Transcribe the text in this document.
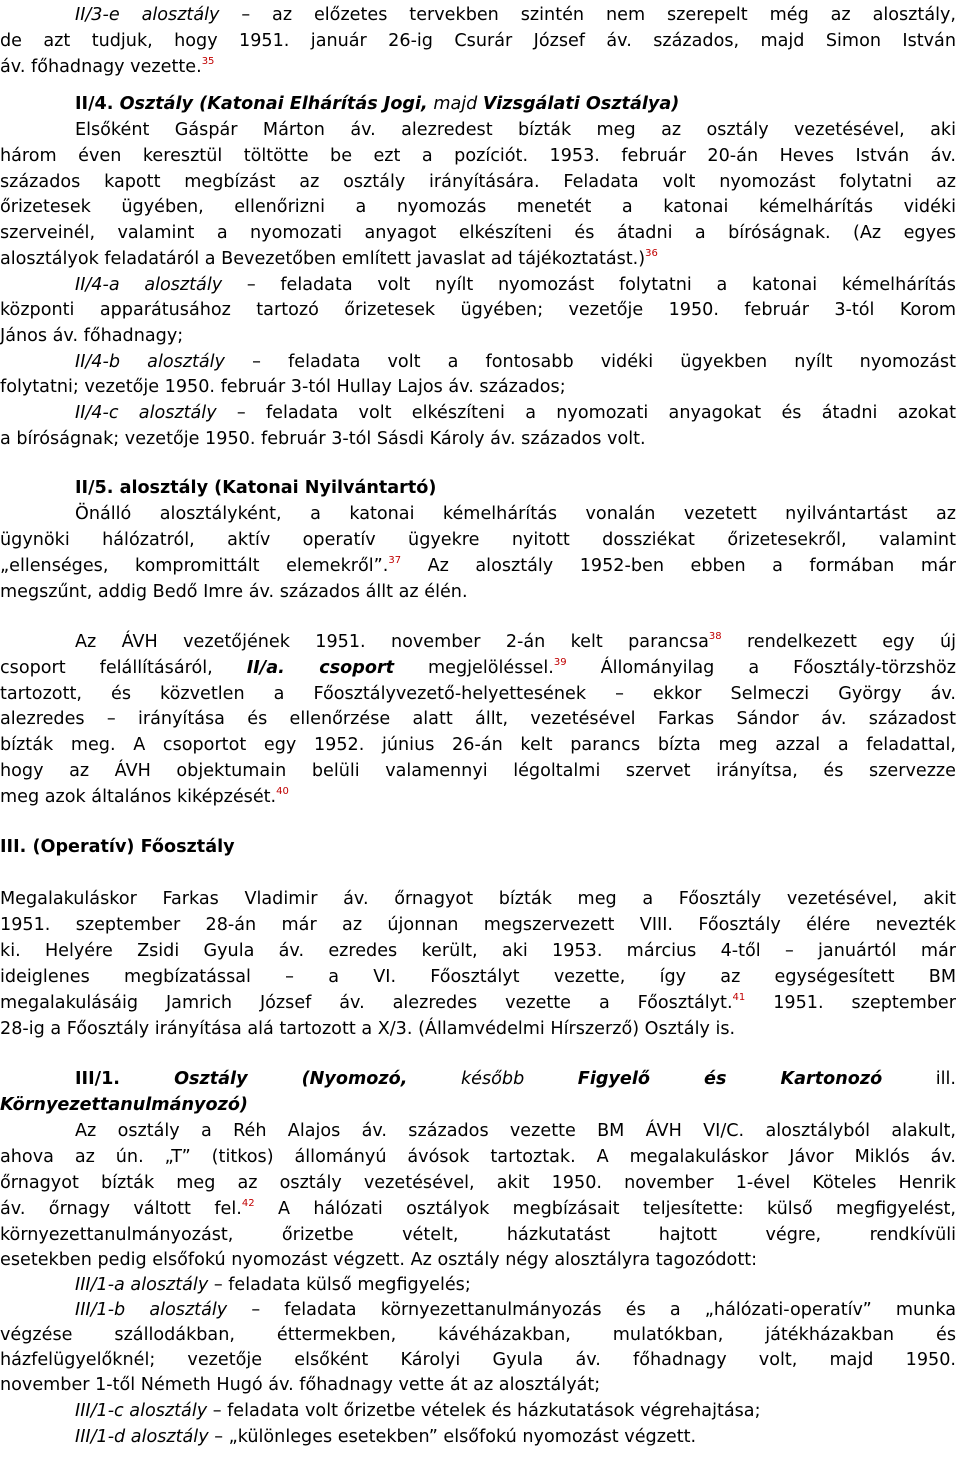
II/3-e alosztály – az előzetes tervekben szintén nem szerepelt még az alosztály,
de azt tudjuk, hogy 1951. január 26-ig Csurár József áv. százados, majd Simon István
áv. főhadnagy vezette.$^{35}$
II/4. Osztály (Katonai Elhárítás Jogi, majd Vizsgálati Osztálya)
Elsőként Gáspár Márton áv. alezredest bízták meg az osztály vezetésével, aki
három éven keresztül töltötte be ezt a pozíciót. 1953. február 20-án Heves István áv.
százados kapott megbízást az osztály irányítására. Feladata volt nyomozást folytatni az
őrizetesek ügyében, ellenőrizni a nyomozás menetét a katonai kémelhárítás vidéki
szerveinél, valamint a nyomozati anyagot elkészíteni és átadni a bíróságnak. (Az egyes
alosztályok feladatáról a Bevezetőben említett javaslat ad tájékoztatást.)$^{36}$
II/4-a alosztály – feladata volt nyílt nyomozást folytatni a katonai kémelhárítás
központi apparátusához tartozó őrizetesek ügyében; vezetője 1950. február 3-tól Korom
János áv. főhadnagy;
II/4-b alosztály – feladata volt a fontosabb vidéki ügyekben nyílt nyomozást
folytatni; vezetője 1950. február 3-tól Hullay Lajos áv. százados;
II/4-c alosztály – feladata volt elkészíteni a nyomozati anyagokat és átadni azokat
a bíróságnak; vezetője 1950. február 3-tól Sásdi Károly áv. százados volt.
II/5. alosztály (Katonai Nyilvántartó)
Önálló alosztályként, a katonai kémelhárítás vonalán vezetett nyilvántartást az
ügynöki hálózatról, aktív operatív ügyekre nyitott dossziékat őrizetesekről, valamint
„ellenséges, kompromittált elemekről”.$^{37}$ Az alosztály 1952-ben ebben a formában már
megszűnt, addig Bedő Imre áv. százados állt az élén.
Az ÁVH vezetőjének 1951. november 2-án kelt parancsa$^{38}$ rendelkezett egy új
csoport felállításáról, II/a. csoport megjelöléssel.$^{39}$ Állományilag a Főosztály-törzshöz
tartozott, és közvetlen a Főosztályvezető-helyettesének – ekkor Selmeczi György áv.
alezredes – irányítása és ellenőrzése alatt állt, vezetésével Farkas Sándor áv. századost
bízták meg. A csoportot egy 1952. június 26-án kelt parancs bízta meg azzal a feladattal,
hogy az ÁVH objektumain belüli valamennyi légoltalmi szervet irányítsa, és szervezze
meg azok általános kiképzését.$^{40}$
III. (Operatív) Főosztály
Megalakuláskor Farkas Vladimir áv. őrnagyot bízták meg a Főosztály vezetésével, akit
1951. szeptember 28-án már az újonnan megszervezett VIII. Főosztály élére nevezték
ki. Helyére Zsidi Gyula áv. ezredes került, aki 1953. március 4-től – januártól már
ideiglenes megbízatással – a VI. Főosztályt vezette, így az egységesített BM
megalakulásáig Jamrich József áv. alezredes vezette a Főosztályt.$^{41}$ 1951. szeptember
28-ig a Főosztály irányítása alá tartozott a X/3. (Államvédelmi Hírszerző) Osztály is.
III/1. Osztály (Nyomozó,	később	Figyelő és Kartonozó ill.
Környezettanulmányozó)
Az osztály a Réh Alajos áv. százados vezette BM ÁVH VI/C. alosztályból alakult,
ahova az ún. „T” (titkos) állományú ávósok tartoztak. A megalakuláskor Jávor Miklós áv.
őrnagyot bízták meg az osztály vezetésével, akit 1950. november 1-ével Köteles Henrik
áv. őrnagy váltott fel.$^{42}$ A hálózati osztályok megbízásait teljesítette: külső megfigyelést,
környezettanulmányozást, őrizetbe vételt, házkutatást hajtott végre, rendkívüli
esetekben pedig elsőfokú nyomozást végzett. Az osztály négy alosztályra tagozódott:
III/1-a alosztály – feladata külső megfigyelés;
III/1-b alosztály – feladata környezettanulmányozás és a „hálózati-operatív” munka
végzése szállodákban, éttermekben, kávéházakban, mulatókban, játékházakban és
házfelügyelőknél; vezetője elsőként Károlyi Gyula áv. főhadnagy volt, majd 1950.
november 1-től Németh Hugó áv. főhadnagy vette át az alosztályát;
III/1-c alosztály – feladata volt őrizetbe vételek és házkutatások végrehajtása;
III/1-d alosztály – „különleges esetekben” elsőfokú nyomozást végzett.
